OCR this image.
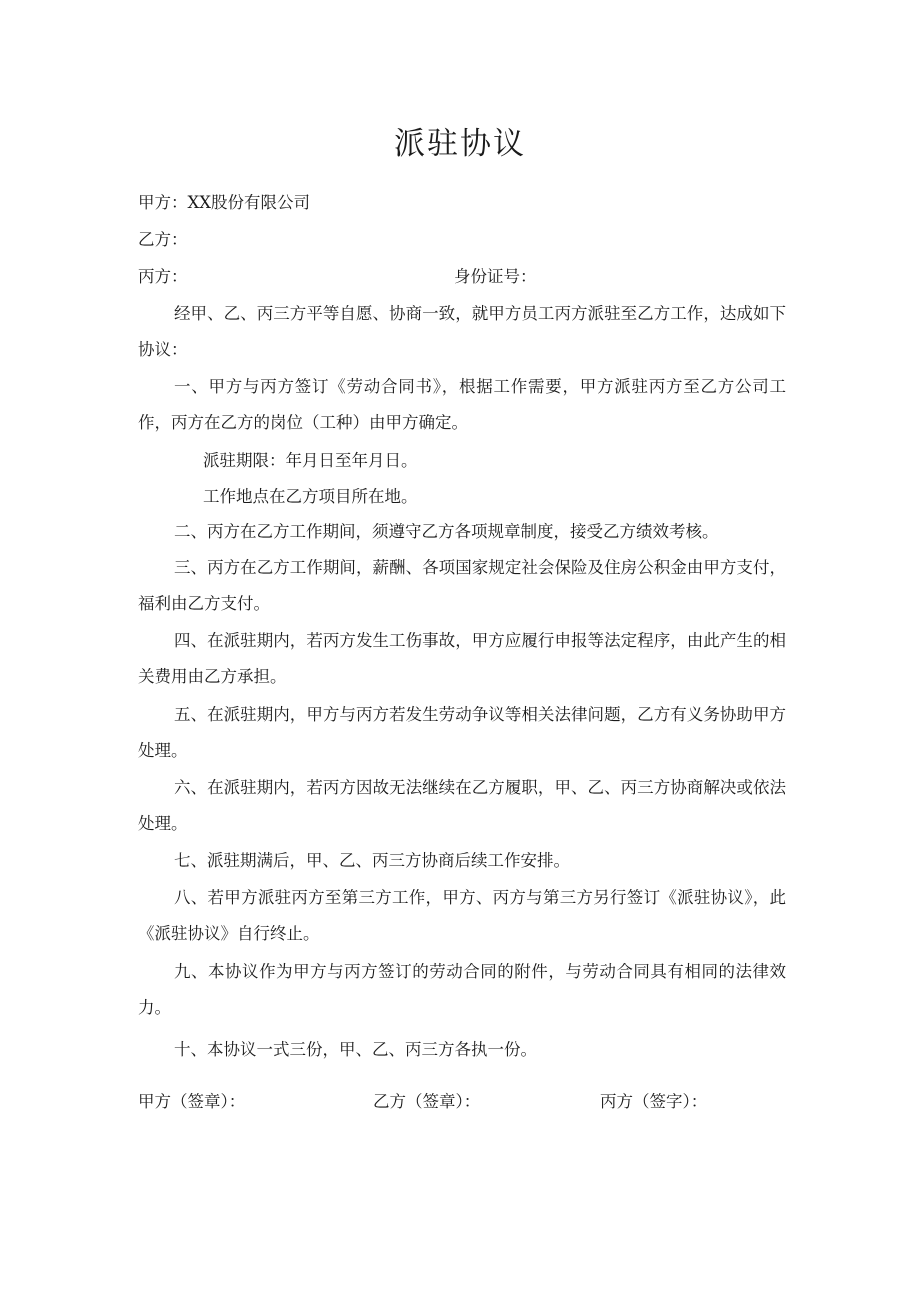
派驻协议
甲方：XX股份有限公司
乙方：
丙方：	身份证号：
经甲、乙、丙三方平等自愿、协商一致，就甲方员工丙方派驻至乙方工作，达成如下协议：
一、甲方与丙方签订《劳动合同书》，根据工作需要，甲方派驻丙方至乙方公司工作，丙方在乙方的岗位（工种）由甲方确定。
派驻期限：年月日至年月日。
工作地点在乙方项目所在地。
二、丙方在乙方工作期间，须遵守乙方各项规章制度，接受乙方绩效考核。
三、丙方在乙方工作期间，薪酬、各项国家规定社会保险及住房公积金由甲方支付，福利由乙方支付。
四、在派驻期内，若丙方发生工伤事故，甲方应履行申报等法定程序，由此产生的相关费用由乙方承担。
五、在派驻期内，甲方与丙方若发生劳动争议等相关法律问题，乙方有义务协助甲方处理。
六、在派驻期内，若丙方因故无法继续在乙方履职，甲、乙、丙三方协商解决或依法处理。
七、派驻期满后，甲、乙、丙三方协商后续工作安排。
八、若甲方派驻丙方至第三方工作，甲方、丙方与第三方另行签订《派驻协议》，此《派驻协议》自行终止。
九、本协议作为甲方与丙方签订的劳动合同的附件，与劳动合同具有相同的法律效力。
十、本协议一式三份，甲、乙、丙三方各执一份。
甲方（签章）：	乙方（签章）：	丙方（签字）：
